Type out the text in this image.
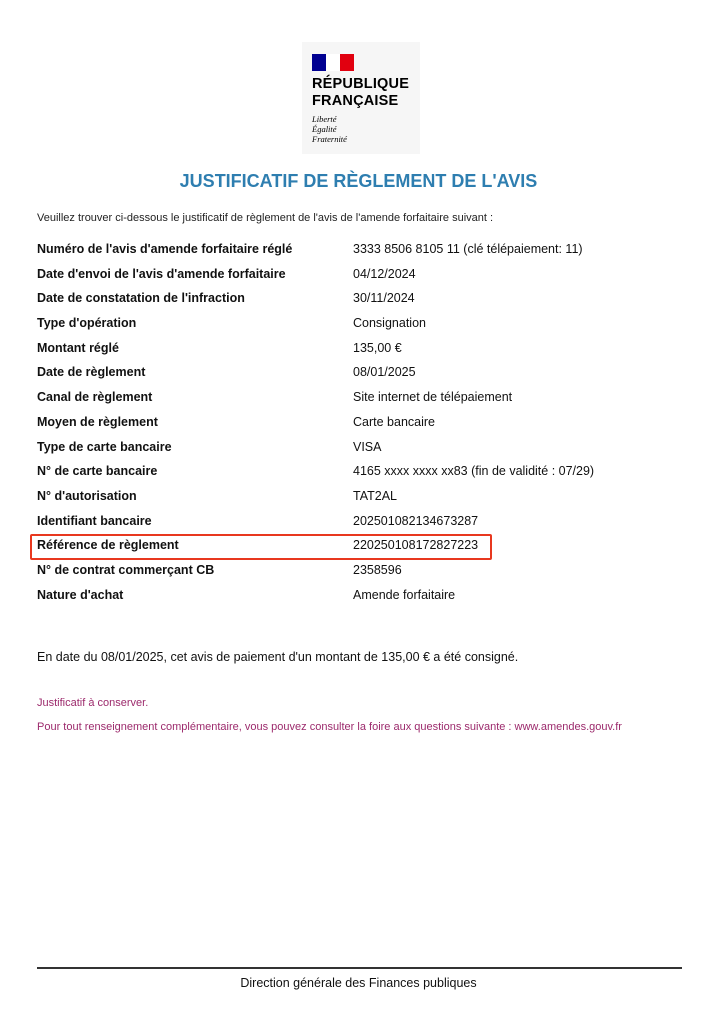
RÉPUBLIQUE
FRANÇAISE
Liberté
Égalité
Fraternité
JUSTIFICATIF DE RÈGLEMENT DE L'AVIS
Veuillez trouver ci-dessous le justificatif de règlement de l'avis de l'amende forfaitaire suivant :
Numéro de l'avis d'amende forfaitaire réglé	3333 8506 8105 11 (clé télépaiement: 11)
Date d'envoi de l'avis d'amende forfaitaire	04/12/2024
Date de constatation de l'infraction	30/11/2024
Type d'opération	Consignation
Montant réglé	135,00 €
Date de règlement	08/01/2025
Canal de règlement	Site internet de télépaiement
Moyen de règlement	Carte bancaire
Type de carte bancaire	VISA
N° de carte bancaire	4165 xxxx xxxx xx83 (fin de validité : 07/29)
N° d'autorisation	TAT2AL
Identifiant bancaire	202501082134673287
Référence de règlement	220250108172827223
N° de contrat commerçant CB	2358596
Nature d'achat	Amende forfaitaire
En date du 08/01/2025, cet avis de paiement d'un montant de 135,00 € a été consigné.
Justificatif à conserver.
Pour tout renseignement complémentaire, vous pouvez consulter la foire aux questions suivante : www.amendes.gouv.fr
Direction générale des Finances publiques
